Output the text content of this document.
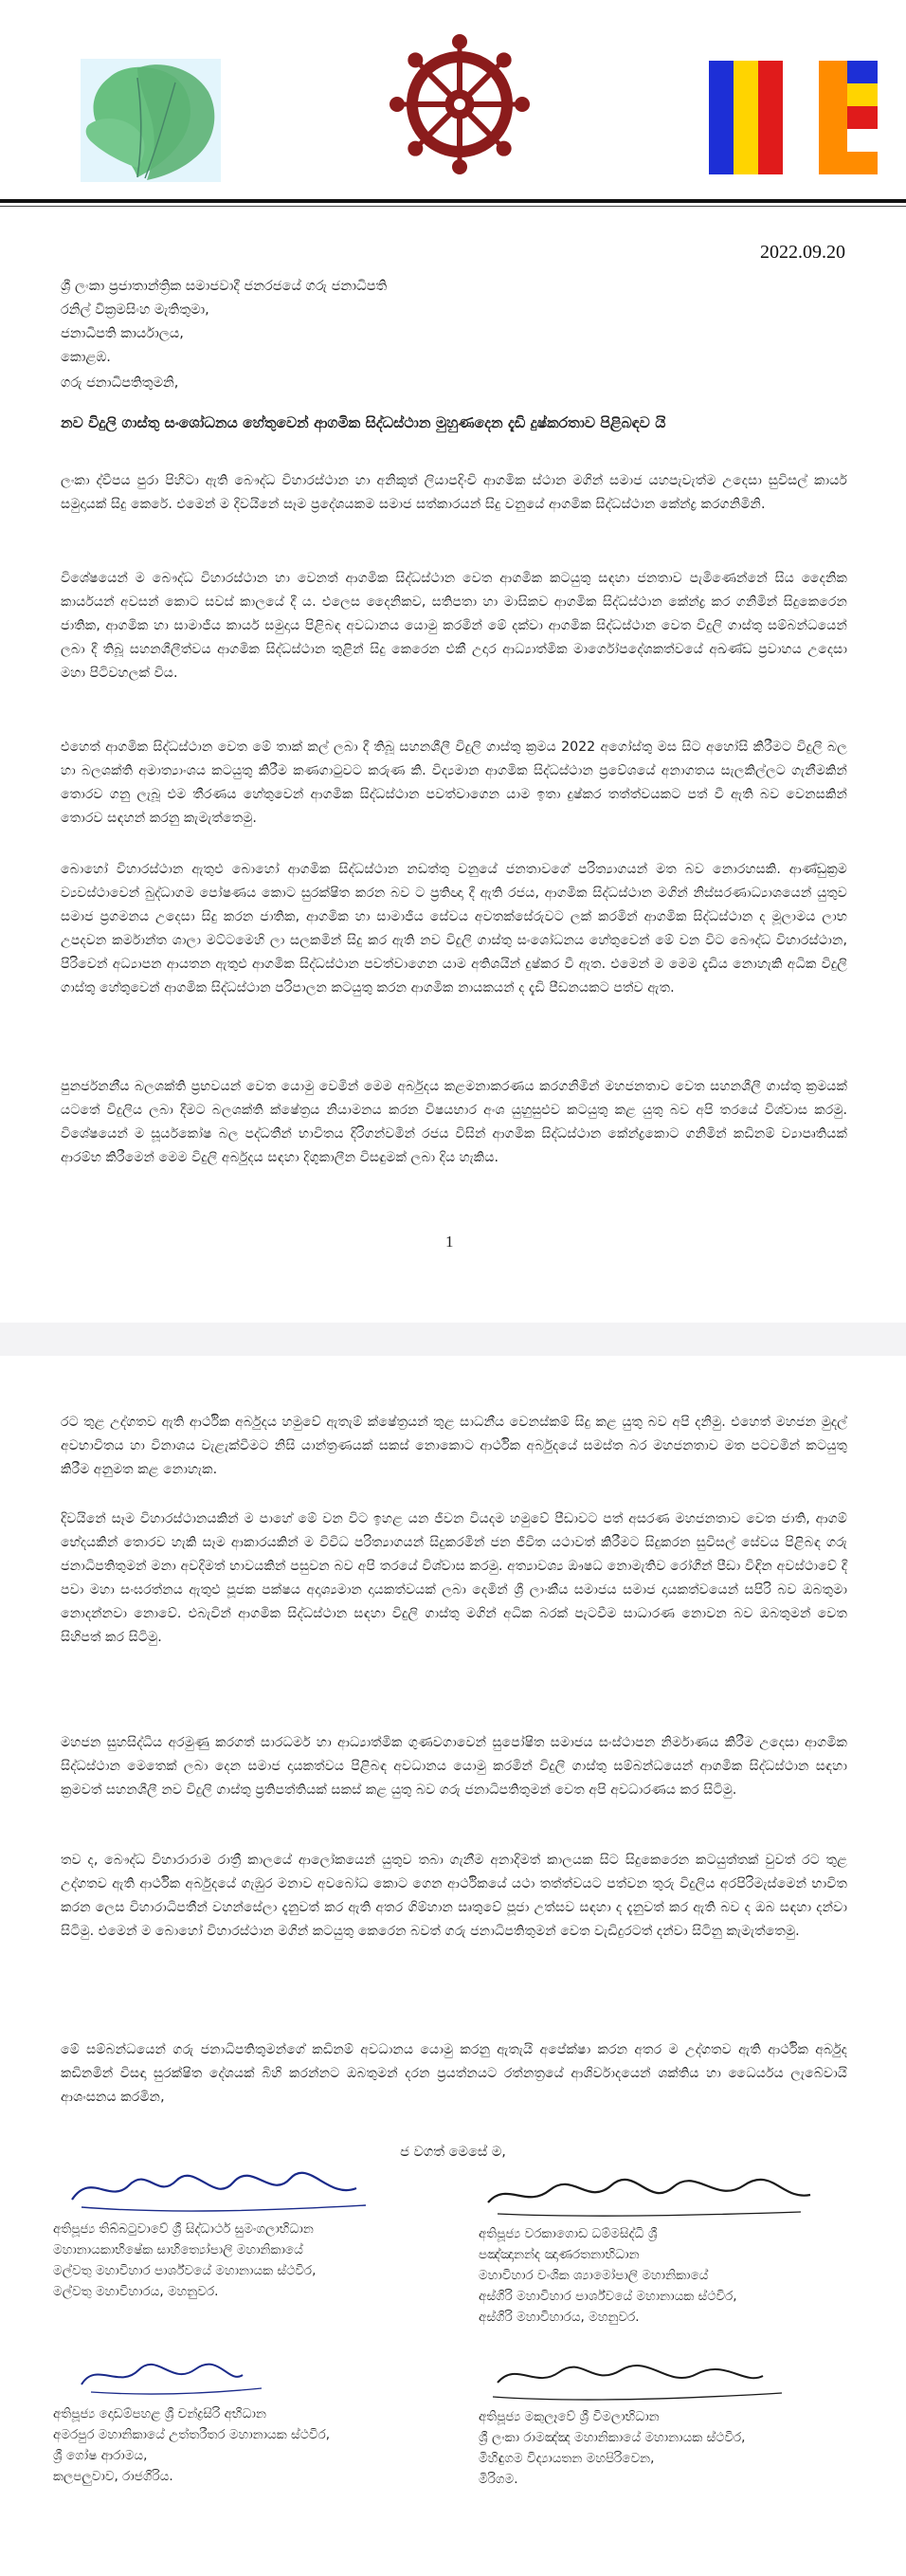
2022.09.20
ශ්‍රී ලංකා ප්‍රජාතාන්ත්‍රික සමාජවාදී ජනරජයේ ගරු ජනාධිපති
රනිල් වික්‍රමසිංහ මැතිතුමා,
ජනාධිපති කාර්යාලය,
කොළඹ.
ගරු ජනාධිපතිතුමනි,
නව විදුලි ගාස්තු සංශෝධනය හේතුවෙන් ආගමික සිද්ධස්ථාන මුහුණදෙන දැඩි දුෂ්කරතාව පිළිබඳව යි
ලංකා ද්වීපය පුරා පිහිටා ඇති බෞද්ධ විහාරස්ථාන හා අනිකුත් ලියාපදිංචි ආගමික ස්ථාන මගින් සමාජ යහපැවැත්ම උදෙසා සුවිසල් කාර්ය සමුදායක් සිදු කෙරේ. එමෙන් ම දිවයිනේ සෑම ප්‍රදේශයකම සමාජ සත්කාරයන් සිදු වනුයේ ආගමික සිද්ධස්ථාන කේන්ද්‍ර කරගනිමිනි.
විශේෂයෙන් ම බෞද්ධ විහාරස්ථාන හා වෙනත් ආගමික සිද්ධස්ථාන වෙත ආගමික කටයුතු සඳහා ජනතාව පැමිණෙන්නේ සිය දෛනික කාර්යයන් අවසන් කොට සවස් කාලයේ දී ය. එලෙස දෛනිකව, සතිපතා හා මාසිකව ආගමික සිද්ධස්ථාන කේන්ද්‍ර කර ගනිමින් සිදුකෙරෙන ජාතික, ආගමික හා සාමාජීය කාර්ය සමුදාය පිළිබඳ අවධානය යොමු කරමින් මේ දක්වා ආගමික සිද්ධස්ථාන වෙත විදුලි ගාස්තු සම්බන්ධයෙන් ලබා දී තිබූ සහනශීලීත්වය ආගමික සිද්ධස්ථාන තුළින් සිදු කෙරෙන එකී උදාර ආධ්‍යාත්මික මාර්ගෝපදේශකත්වයේ අඛණ්ඩ ප්‍රවාහය උදෙසා මහා පිටිවහලක් විය.
එහෙත් ආගමික සිද්ධස්ථාන වෙත මේ තාක් කල් ලබා දී තිබූ සහනශීලී විදුලි ගාස්තු ක්‍රමය 2022 අගෝස්තු මස සිට අහෝසි කිරීමට විදුලි බල හා බලශක්ති අමාත්‍යාංශය කටයුතු කිරීම කණගාටුවට කරුණ කි. විද්‍යමාන ආගමික සිද්ධස්ථාන ප්‍රවේශයේ අනාගතය සැලකිල්ලට ගැනීමකින් තොරව ගනු ලැබූ එම තීරණය හේතුවෙන් ආගමික සිද්ධස්ථාන පවත්වාගෙන යාම ඉතා දුෂ්කර තත්ත්වයකට පත් වී ඇති බව වෙනසකින් තොරව සඳහන් කරනු කැමැත්තෙමු.
බොහෝ විහාරස්ථාන ඇතුළු බොහෝ ආගමික සිද්ධස්ථාන නඩත්තු වනුයේ ජනතාවගේ පරිත්‍යාගයන් මත බව නොරහසකි. ආණ්ඩුක්‍රම ව්‍යවස්ථාවෙන් බුද්ධාගම පෝෂණය කොට සුරක්ෂිත කරන බව ට ප්‍රතිඥා දී ඇති රජය, ආගමික සිද්ධස්ථාන මගින් නිස්සරණාධ්‍යාශයෙන් යුතුව සමාජ ප්‍රගමනය උදෙසා සිදු කරන ජාතික, ආගමික හා සාමාජීය සේවය අවතක්සේරුවට ලක් කරමින් ආගමික සිද්ධස්ථාන ද මූලාමය ලාභ උපදවන කර්මාන්ත ශාලා මට්ටමෙහි ලා සලකමින් සිදු කර ඇති නව විදුලි ගාස්තු සංශෝධනය හේතුවෙන් මේ වන විට බෞද්ධ විහාරස්ථාන, පිරිවෙන් අධ්‍යාපන ආයතන ඇතුළු ආගමික සිද්ධස්ථාන පවත්වාගෙන යාම අතිශයින් දුෂ්කර වී ඇත. එමෙන් ම මෙම දැඩිය නොහැකි අධික විදුලි ගාස්තු හේතුවෙන් ආගමික සිද්ධස්ථාන පරිපාලන කටයුතු කරන ආගමික නායකයන් ද දැඩි පීඩනයකට පත්ව ඇත.
පුනර්ජනනීය බලශක්ති ප්‍රභවයන් වෙත යොමු වෙමින් මෙම අර්බුදය කළමනාකරණය කරගනිමින් මහජනතාව වෙත සහනශීලී ගාස්තු ක්‍රමයක් යටතේ විදුලිය ලබා දීමට බලශක්ති ක්ෂේත්‍රය නියාමනය කරන විෂයභාර අංශ යුහුසුළුව කටයුතු කළ යුතු බව අපි තරයේ විශ්වාස කරමු. විශේෂයෙන් ම සූර්යකෝෂ බල පද්ධතීන් භාවිතය දිරිගන්වමින් රජය විසින් ආගමික සිද්ධස්ථාන කේන්ද්‍රකොට ගනිමින් කඩිනම් ව්‍යාපෘතියක් ආරම්භ කිරීමෙන් මෙම විදුලි අර්බුදය සඳහා දිගුකාලීන විසඳුමක් ලබා දිය හැකිය.
1
රට තුළ උද්ගතව ඇති ආර්ථික අර්බුදය හමුවේ ඇතැම් ක්ෂේත්‍රයන් තුළ සාධනීය වෙනස්කම් සිදු කළ යුතු බව අපි දනිමු. එහෙත් මහජන මුදල් අවභාවිතය හා විනාශය වැළැක්වීමට නිසි යාන්ත්‍රණයක් සකස් නොකොට ආර්ථික අර්බුදයේ සමස්ත බර මහජනතාව මත පටවමින් කටයුතු කිරීම අනුමත කළ නොහැක.
දිවයිනේ සෑම විහාරස්ථානයකින් ම පාහේ මේ වන විට ඉහළ යන ජීවන වියදම හමුවේ පීඩාවට පත් අසරණ මහජනතාව වෙත ජාති, ආගම් භේදයකින් තොරව හැකි සෑම ආකාරයකින් ම විවිධ පරිත්‍යාගයන් සිදුකරමින් ජන ජීවිත යථාවත් කිරීමට සිදුකරන සුවිසල් සේවය පිළිබඳ ගරු ජනාධිපතිතුමන් මනා අවදිමත් භාවයකින් පසුවන බව අපි තරයේ විශ්වාස කරමු. අත්‍යාවශ්‍ය ඖෂධ නොමැතිව රෝගීන් පීඩා විඳින අවස්ථාවේ දී පවා මහා සංඝරත්නය ඇතුළු පූජක පක්ෂය අදෘශ්‍යමාන දායකත්වයක් ලබා දෙමින් ශ්‍රී ලාංකීය සමාජය සමාජ දායකත්වයෙන් සපිරි බව ඔබතුමා නොදන්නවා නොවේ. එබැවින් ආගමික සිද්ධස්ථාන සඳහා විදුලි ගාස්තු මගින් අධික බරක් පැටවීම සාධාරණ නොවන බව ඔබතුමන් වෙත සිහිපත් කර සිටිමු.
මහජන සුහසිද්ධිය අරමුණු කරගත් සාරධර්ම හා ආධ්‍යාත්මික ගුණවගාවෙන් සුපෝෂිත සමාජය සංස්ථාපන නිර්මාණය කිරීම උදෙසා ආගමික සිද්ධස්ථාන මෙතෙක් ලබා දෙන සමාජ දායකත්වය පිළිබඳ අවධානය යොමු කරමින් විදුලි ගාස්තු සම්බන්ධයෙන් ආගමික සිද්ධස්ථාන සඳහා ක්‍රමවත් සහනශීලී නව විදුලි ගාස්තු ප්‍රතිපත්තියක් සකස් කළ යුතු බව ගරු ජනාධිපතිතුමන් වෙත අපි අවධාරණය කර සිටිමු.
තව ද, බෞද්ධ විහාරාරාම රාත්‍රී කාලයේ ආලෝකයෙන් යුතුව තබා ගැනීම අනාදිමත් කාලයක සිට සිදුකෙරෙන කටයුත්තක් වුවත් රට තුළ උද්ගතව ඇති ආර්ථික අර්බුදයේ ගැඹුර මනාව අවබෝධ කොට ගෙන ආර්ථිකයේ යථා තත්ත්වයට පත්වන තුරු විදුලිය අරපිරිමැස්මෙන් භාවිත කරන ලෙස විහාරාධිපතීන් වහන්සේලා දැනුවත් කර ඇති අතර ගිම්හාන සෘතුවේ පූජා උත්සව සඳහා ද දැනුවත් කර ඇති බව ද ඔබ සඳහා දන්වා සිටිමු. එමෙන් ම බොහෝ විහාරස්ථාන මගින් කටයුතු කෙරෙන බවත් ගරු ජනාධිපතිතුමන් වෙත වැඩිදුරටත් දන්වා සිටිනු කැමැත්තෙමු.
මේ සම්බන්ධයෙන් ගරු ජනාධිපතිතුමන්ගේ කඩිනම් අවධානය යොමු කරනු ඇතැයි අපේක්ෂා කරන අතර ම උද්ගතව ඇති ආර්ථික අර්බුද කඩිනමින් විසඳා සුරක්ෂිත දේශයක් බිහි කරන්නට ඔබතුමන් දරන ප්‍රයත්නයට රත්නත්‍රයේ ආශිර්වාදයෙන් ශක්තිය හා ධෛර්යය ලැබේවායි ආශංසනය කරමින,
ජ වගත් මෙසේ ම,
අතිපූජ්‍ය තිබ්බටුවාවේ ශ්‍රී සිද්ධාර්ථ සුමංගලාභිධාන
මහානායකාභිෂේක සාහිත්‍යෝපාලි මහානිකායේ
මල්වතු මහාවිහාර පාර්ශ්වයේ මහානායක ස්ථවිර,
මල්වතු මහාවිහාරය, මහනුවර.
අතිපූජ්‍ය වරකාගොඩ ධම්මසිද්ධි ශ්‍රී
පඤ්ඤානන්ද ඤාණරතනාභිධාන
මහාවිහාර වංශික ශ්‍යාමෝපාලි මහානිකායේ
අස්ගිරි මහාවිහාර පාර්ශ්වයේ මහානායක ස්ථවිර,
අස්ගිරි මහාවිහාරය, මහනුවර.
අතිපූජ්‍ය දොඩම්පහළ ශ්‍රී චන්ද්‍රසිරි අභිධාන
අමරපුර මහානිකායේ උත්තරීතර මහානායක ස්ථවිර,
ශ්‍රී ගෝෂ ආරාමය,
කලපලුවාව, රාජගිරිය.
අතිපූජ්‍ය මකුලෑවේ ශ්‍රී විමලාභිධාන
ශ්‍රී ලංකා රාමඤ්ඤ මහානිකායේ මහානායක ස්ථවිර,
මිහිඳුගම විද්‍යායතන මහපිරිවෙන,
මිරිගම.
